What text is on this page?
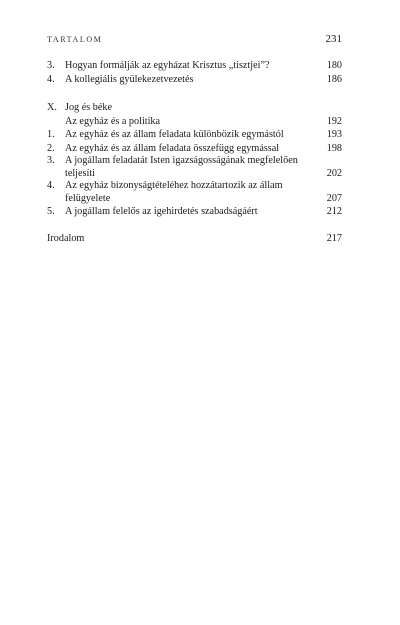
TARTALOM	231
3.	Hogyan formálják az egyházat Krisztus „tisztjei”?	180
4.	A kollegiális gyülekezetvezetés	186
X. Jog és béke
Az egyház és a politika	192
1.	Az egyház és az állam feladata különbözik egymástól	193
2.	Az egyház és az állam feladata összefügg egymással	198
3.	A jogállam feladatát Isten igazságosságának megfelelően teljesíti	202
4.	Az egyház bizonyságtételéhez hozzátartozik az állam felügyelete	207
5.	A jogállam felelős az igehirdetés szabadságáért	212
Irodalom	217
